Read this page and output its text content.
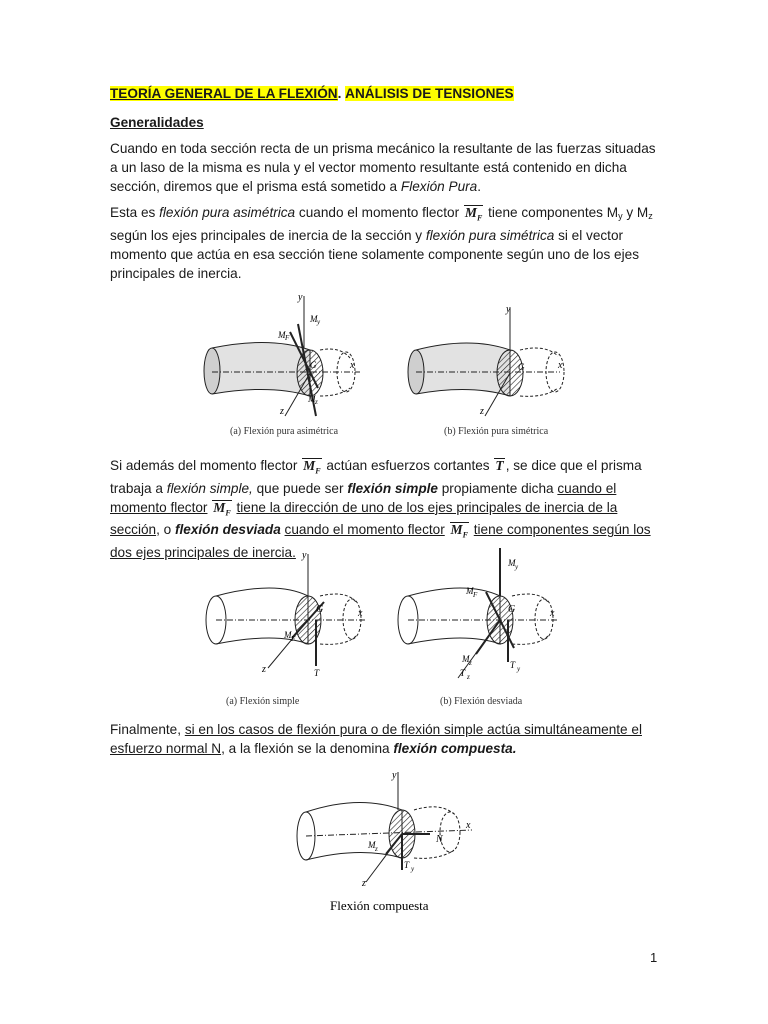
TEORÍA GENERAL DE LA FLEXIÓN. ANÁLISIS DE TENSIONES

Generalidades

Cuando en toda sección recta de un prisma mecánico la resultante de las fuerzas situadas a un laso de la misma es nula y el vector momento resultante está contenido en dicha sección, diremos que el prisma está sometido a Flexión Pura.

Esta es flexión pura asimétrica cuando el momento flector $M_F$ tiene componentes $M_y$ y $M_z$ según los ejes principales de inercia de la sección y flexión pura simétrica si el vector momento que actúa en esa sección tiene solamente componente según uno de los ejes principales de inercia.

y
M y
M F
G	x
z
M z
(a) Flexión pura asimétrica
y
G	x
z
(b) Flexión pura simétrica

Si además del momento flector $M_F$ actúan esfuerzos cortantes T , se dice que el prisma trabaja a flexión simple, que puede ser flexión simple propiamente dicha cuando el momento flector $M_F$ tiene la dirección de uno de los ejes principales de inercia de la sección, o flexión desviada cuando el momento flector $M_F$ tiene componentes según los dos ejes principales de inercia. y
G	x
M F
T
z
(a) Flexión simple
M y
M F
G	x
M z
T z
T y
(b) Flexión desviada

Finalmente, si en los casos de flexión pura o de flexión simple actúa simultáneamente el esfuerzo normal N, a la flexión se la denomina flexión compuesta.

y
N
x
M z
T y
z
Flexión compuesta
1
